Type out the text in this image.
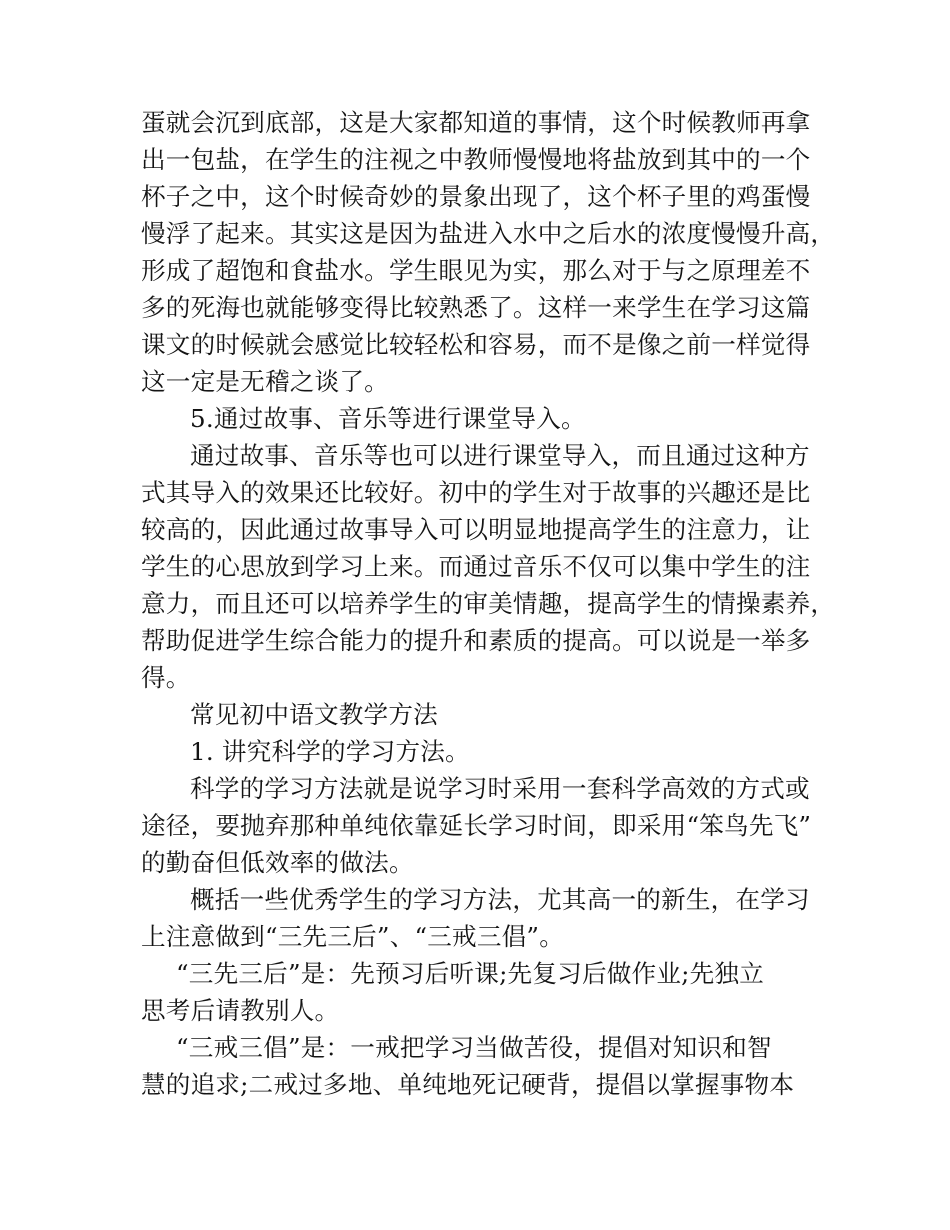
蛋就会沉到底部，这是大家都知道的事情，这个时候教师再拿
出一包盐，在学生的注视之中教师慢慢地将盐放到其中的一个
杯子之中，这个时候奇妙的景象出现了，这个杯子里的鸡蛋慢
慢浮了起来。其实这是因为盐进入水中之后水的浓度慢慢升高，
形成了超饱和食盐水。学生眼见为实，那么对于与之原理差不
多的死海也就能够变得比较熟悉了。这样一来学生在学习这篇
课文的时候就会感觉比较轻松和容易，而不是像之前一样觉得
这一定是无稽之谈了。
5.通过故事、音乐等进行课堂导入。
通过故事、音乐等也可以进行课堂导入，而且通过这种方
式其导入的效果还比较好。初中的学生对于故事的兴趣还是比
较高的，因此通过故事导入可以明显地提高学生的注意力，让
学生的心思放到学习上来。而通过音乐不仅可以集中学生的注
意力，而且还可以培养学生的审美情趣，提高学生的情操素养，
帮助促进学生综合能力的提升和素质的提高。可以说是一举多
得。
常见初中语文教学方法
1. 讲究科学的学习方法。
科学的学习方法就是说学习时采用一套科学高效的方式或
途径，要抛弃那种单纯依靠延长学习时间，即采用“笨鸟先飞”
的勤奋但低效率的做法。
概括一些优秀学生的学习方法，尤其高一的新生，在学习
上注意做到“三先三后”、“三戒三倡”。
“三先三后”是：先预习后听课;先复习后做作业;先独立
思考后请教别人。
“三戒三倡”是：一戒把学习当做苦役，提倡对知识和智
慧的追求;二戒过多地、单纯地死记硬背，提倡以掌握事物本
